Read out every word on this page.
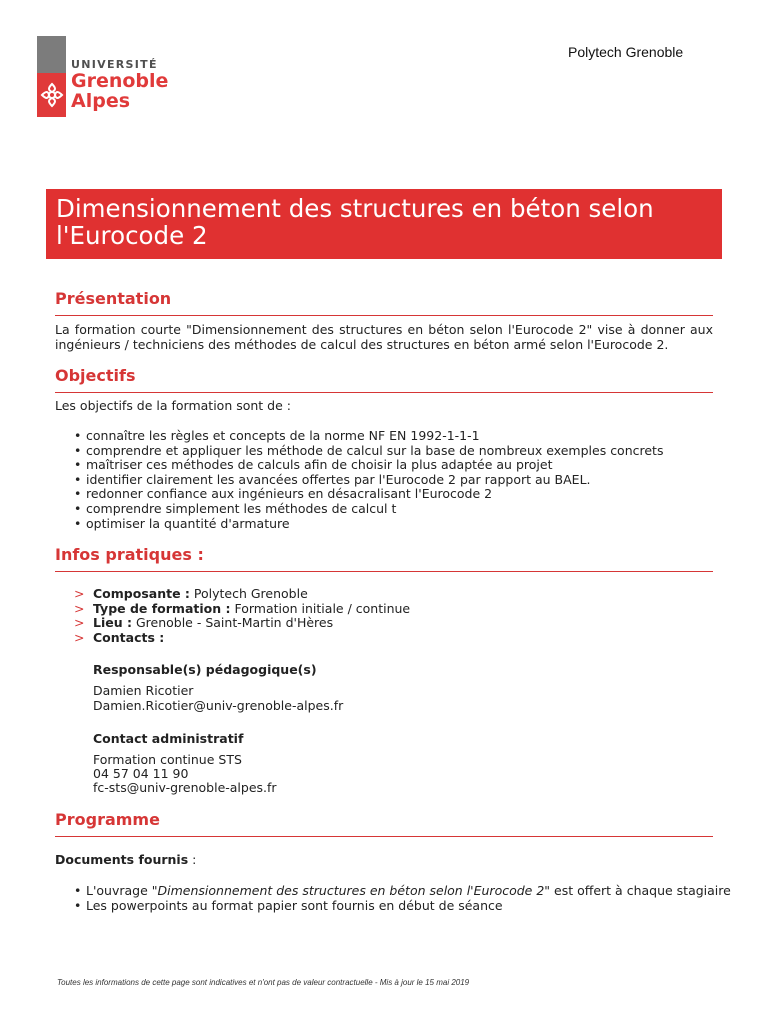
UNIVERSITÉ
Grenoble
Alpes
Polytech Grenoble
Dimensionnement des structures en béton selon l'Eurocode 2
Présentation
La formation courte "Dimensionnement des structures en béton selon l'Eurocode 2" vise à donner aux ingénieurs / techniciens des méthodes de calcul des structures en béton armé selon l'Eurocode 2.
Objectifs
Les objectifs de la formation sont de :
• connaître les règles et concepts de la norme NF EN 1992-1-1-1
• comprendre et appliquer les méthode de calcul sur la base de nombreux exemples concrets
• maîtriser ces méthodes de calculs afin de choisir la plus adaptée au projet
• identifier clairement les avancées offertes par l'Eurocode 2 par rapport au BAEL.
• redonner confiance aux ingénieurs en désacralisant l'Eurocode 2
• comprendre simplement les méthodes de calcul t
• optimiser la quantité d'armature
Infos pratiques :
> Composante : Polytech Grenoble
> Type de formation : Formation initiale / continue
> Lieu : Grenoble - Saint-Martin d'Hères
> Contacts :
Responsable(s) pédagogique(s)
Damien Ricotier
Damien.Ricotier@univ-grenoble-alpes.fr
Contact administratif
Formation continue STS
04 57 04 11 90
fc-sts@univ-grenoble-alpes.fr
Programme
Documents fournis :
• L'ouvrage "Dimensionnement des structures en béton selon l'Eurocode 2" est offert à chaque stagiaire
• Les powerpoints au format papier sont fournis en début de séance
Toutes les informations de cette page sont indicatives et n'ont pas de valeur contractuelle - Mis à jour le 15 mai 2019
